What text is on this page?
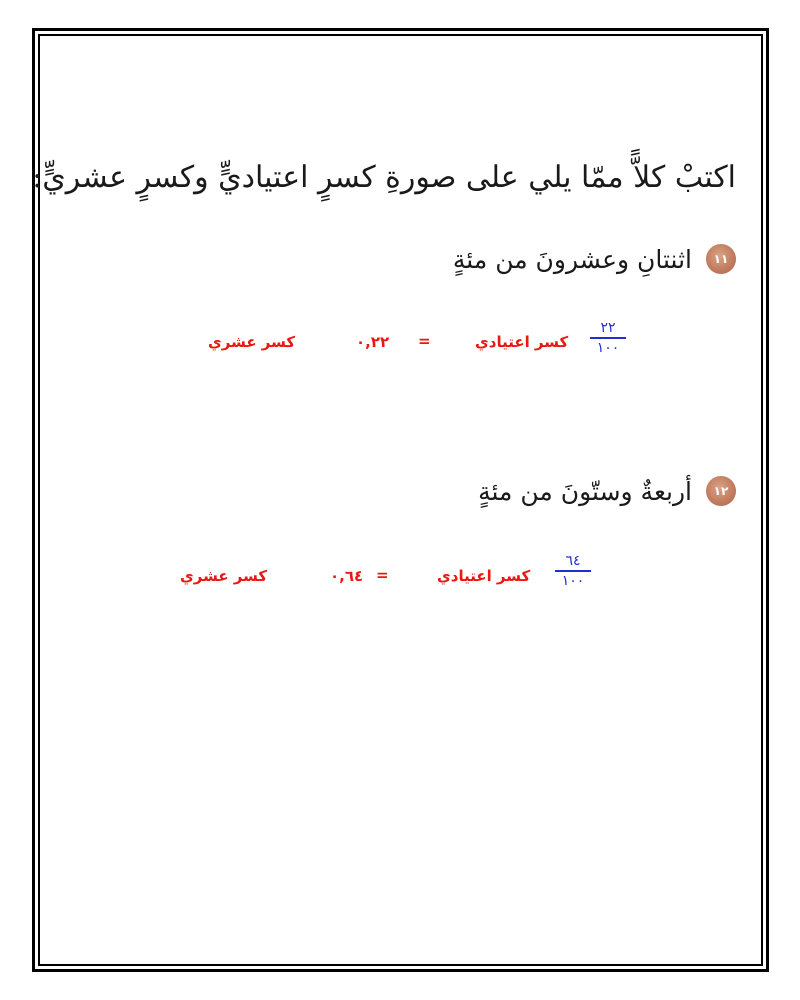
اكتبْ كلاًّ ممّا يلي على صورةِ كسرٍ اعتياديٍّ وكسرٍ عشريٍّ:
١١
اثنتانِ وعشرونَ من مئةٍ
٢٢
١٠٠
كسر اعتيادي
=
٠,٢٢
كسر عشري
١٢
أربعةٌ وستّونَ من مئةٍ
٦٤
١٠٠
كسر اعتيادي
=
٠,٦٤
كسر عشري
